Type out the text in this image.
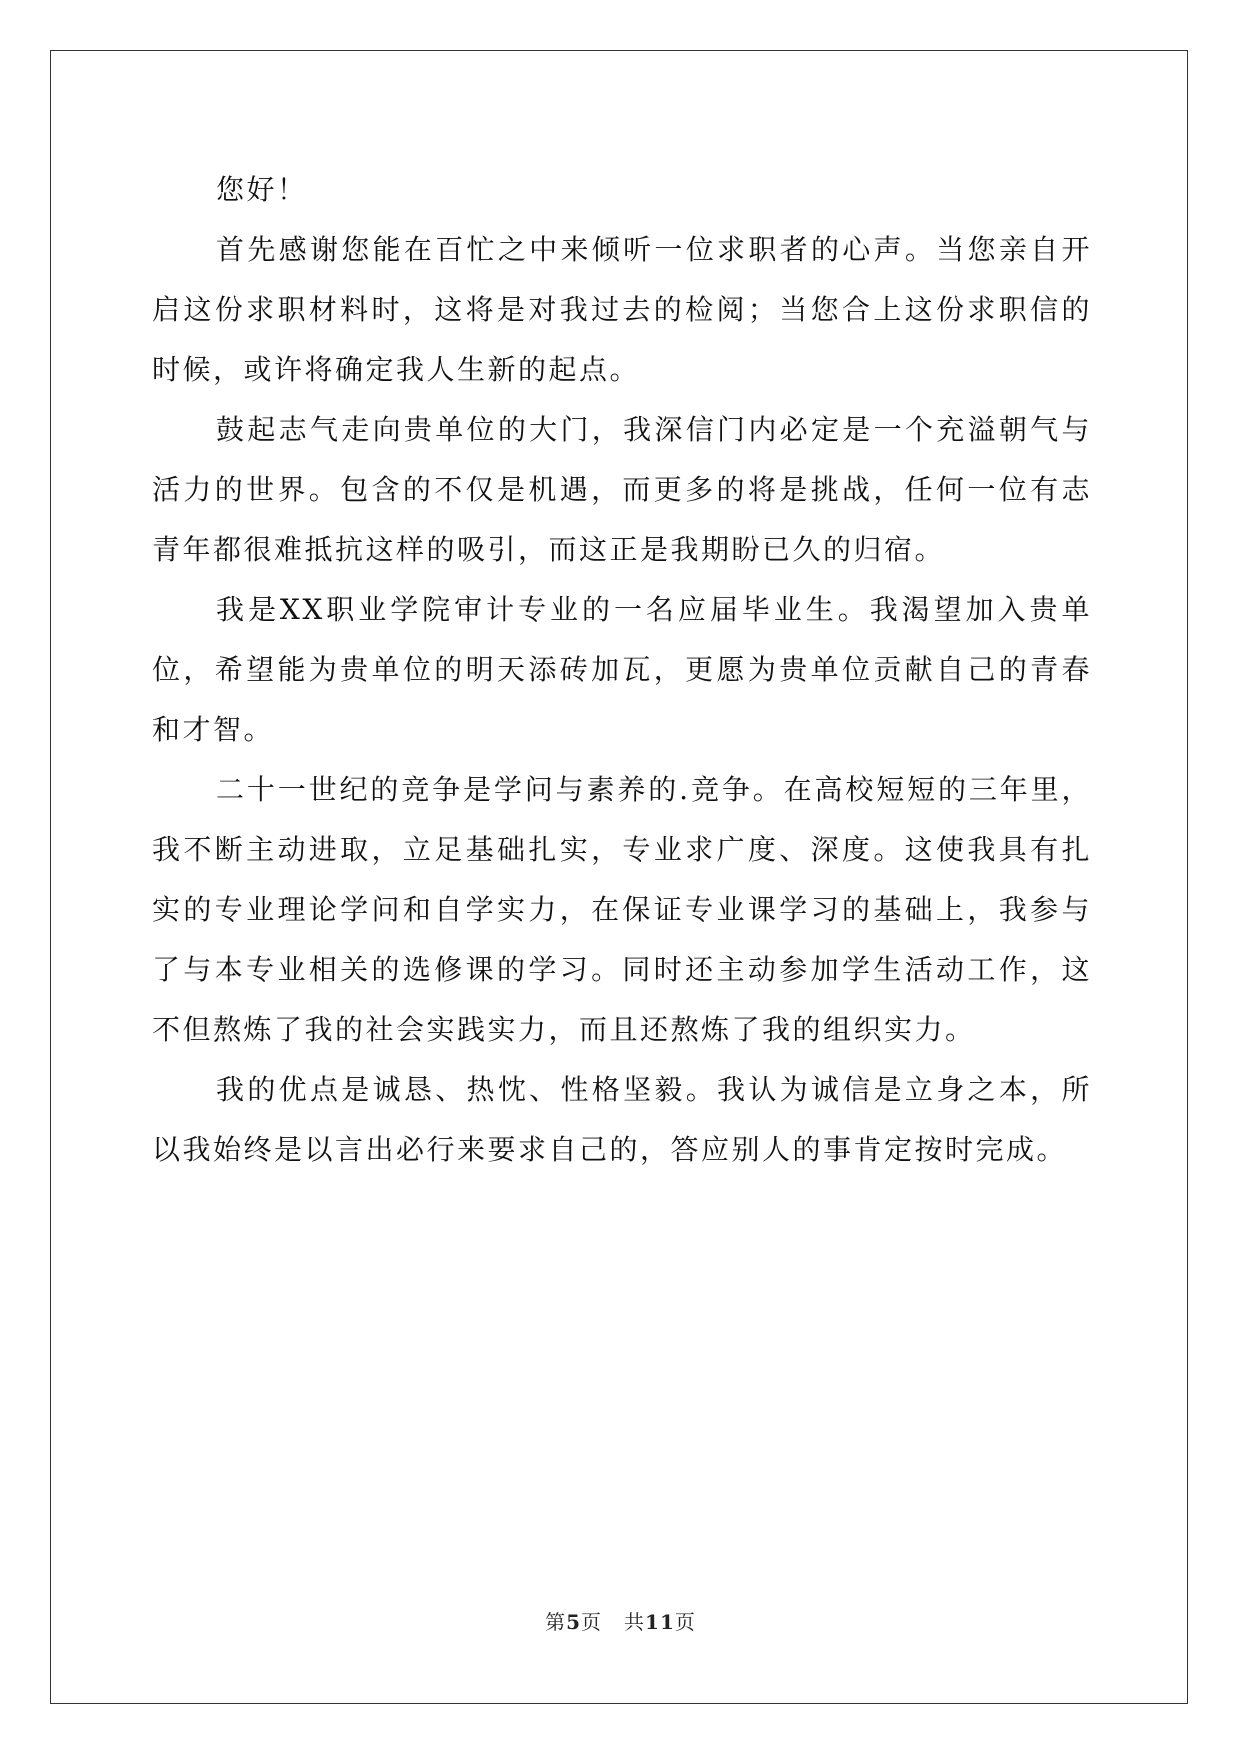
您好！

首先感谢您能在百忙之中来倾听一位求职者的心声。当您亲自开启这份求职材料时，这将是对我过去的检阅；当您合上这份求职信的时候，或许将确定我人生新的起点。

鼓起志气走向贵单位的大门，我深信门内必定是一个充溢朝气与活力的世界。包含的不仅是机遇，而更多的将是挑战，任何一位有志青年都很难抵抗这样的吸引，而这正是我期盼已久的归宿。

我是XX职业学院审计专业的一名应届毕业生。我渴望加入贵单位，希望能为贵单位的明天添砖加瓦，更愿为贵单位贡献自己的青春和才智。

二十一世纪的竞争是学问与素养的.竞争。在高校短短的三年里，我不断主动进取，立足基础扎实，专业求广度、深度。这使我具有扎实的专业理论学问和自学实力，在保证专业课学习的基础上，我参与了与本专业相关的选修课的学习。同时还主动参加学生活动工作，这不但熬炼了我的社会实践实力，而且还熬炼了我的组织实力。

我的优点是诚恳、热忱、性格坚毅。我认为诚信是立身之本，所以我始终是以言出必行来要求自己的，答应别人的事肯定按时完成。

第5页 共11页
